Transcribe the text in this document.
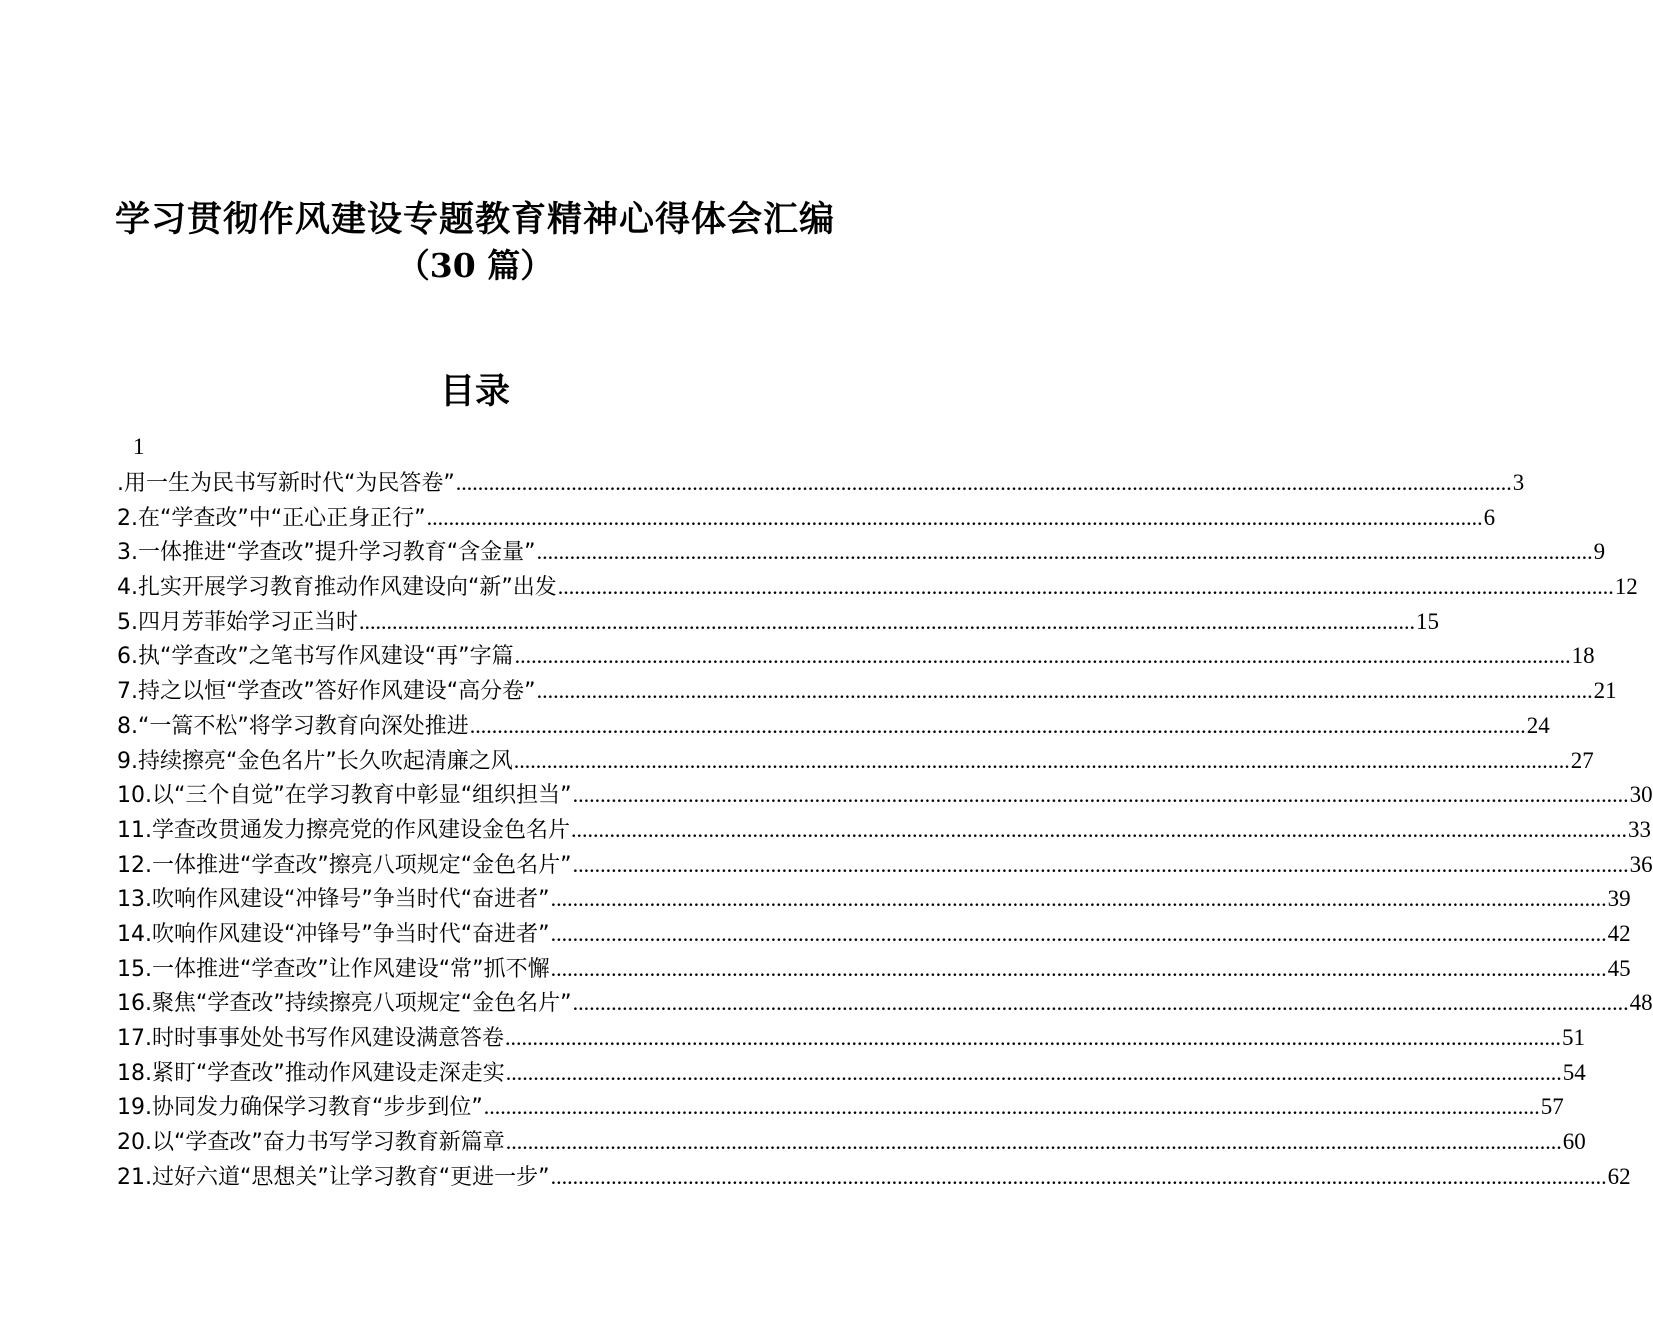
学习贯彻作风建设专题教育精神心得体会汇编
（30 篇）
目录
1
.用一生为民书写新时代“为民答卷” .....	3
2.在“学查改”中“正心正身正行” .....	6
3.一体推进“学查改”提升学习教育“含金量” .....	9
4.扎实开展学习教育推动作风建设向“新”出发 .....	12
5.四月芳菲始学习正当时 .....	15
6.执“学查改”之笔书写作风建设“再”字篇 .....	18
7.持之以恒“学查改”答好作风建设“高分卷” .....	21
8.“一篙不松”将学习教育向深处推进 .....	24
9.持续擦亮“金色名片”长久吹起清廉之风 .....	27
10.以“三个自觉”在学习教育中彰显“组织担当” .....	30
11.学查改贯通发力擦亮党的作风建设金色名片 .....	33
12.一体推进“学查改”擦亮八项规定“金色名片” .....	36
13.吹响作风建设“冲锋号”争当时代“奋进者” .....	39
14.吹响作风建设“冲锋号”争当时代“奋进者” .....	42
15.一体推进“学查改”让作风建设“常”抓不懈 .....	45
16.聚焦“学查改”持续擦亮八项规定“金色名片” .....	48
17.时时事事处处书写作风建设满意答卷 .....	51
18.紧盯“学查改”推动作风建设走深走实 .....	54
19.协同发力确保学习教育“步步到位” .....	57
20.以“学查改”奋力书写学习教育新篇章 .....	60
21.过好六道“思想关”让学习教育“更进一步” .....	62
